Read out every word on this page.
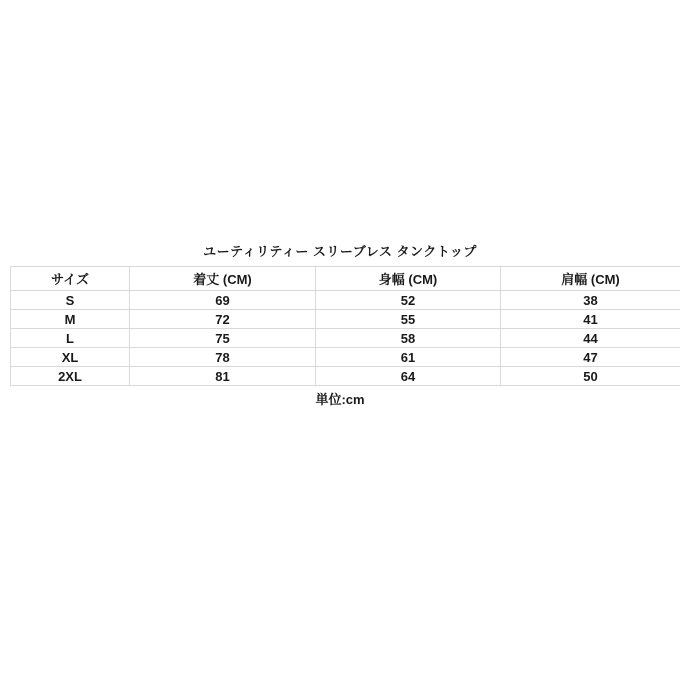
ユーティリティー スリーブレス タンクトップ
サイズ	着丈 (CM)	身幅 (CM)	肩幅 (CM)
S	69	52	38
M	72	55	41
L	75	58	44
XL	78	61	47
2XL	81	64	50
単位:cm
